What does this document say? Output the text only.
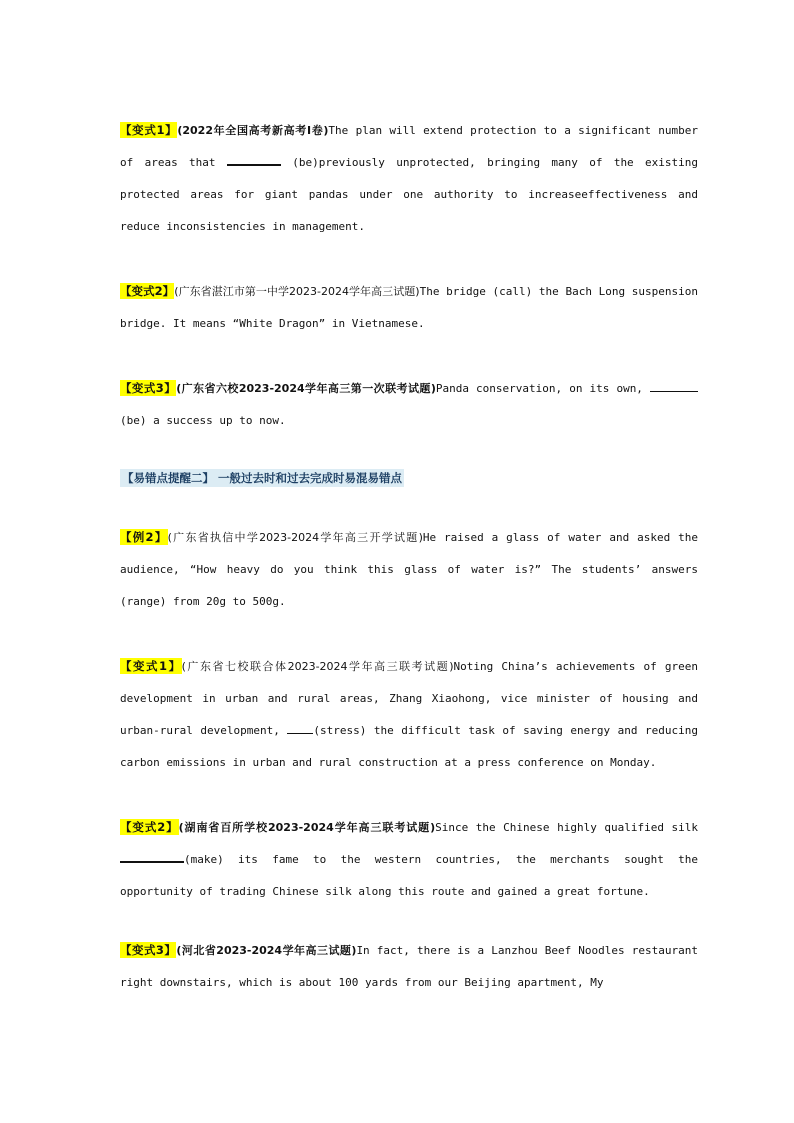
【变式1】(2022年全国高考新高考I卷)The plan will extend protection to a significant number of areas that	(be)previously unprotected, bringing many of the existing protected areas for giant pandas under one authority to increaseeffectiveness and reduce inconsistencies in management.

【变式2】(广东省湛江市第一中学2023-2024学年高三试题)The bridge (call) the Bach Long suspension bridge. It means “White Dragon” in Vietnamese.

【变式3】(广东省六校2023-2024学年高三第一次联考试题)Panda conservation, on its own,  (be) a success up to now.

【易错点提醒二】 一般过去时和过去完成时易混易错点

【例2】(广东省执信中学2023-2024学年高三开学试题)He raised a glass of water and asked the audience, “How heavy do you think this glass of water is?” The students’ answers (range) from 20g to 500g.

【变式1】(广东省七校联合体2023-2024学年高三联考试题)Noting China’s achievements of green development in urban and rural areas, Zhang Xiaohong, vice minister of housing and urban-rural development, (stress) the difficult task of saving energy and reducing carbon emissions in urban and rural construction at a press conference on Monday.

【变式2】(湖南省百所学校2023-2024学年高三联考试题)Since the Chinese highly qualified silk(make) its fame to the western countries, the merchants sought the opportunity of trading Chinese silk along this route and gained a great fortune.

【变式3】(河北省2023-2024学年高三试题)In fact, there is a Lanzhou Beef Noodles restaurant right downstairs, which is about 100 yards from our Beijing apartment, My
